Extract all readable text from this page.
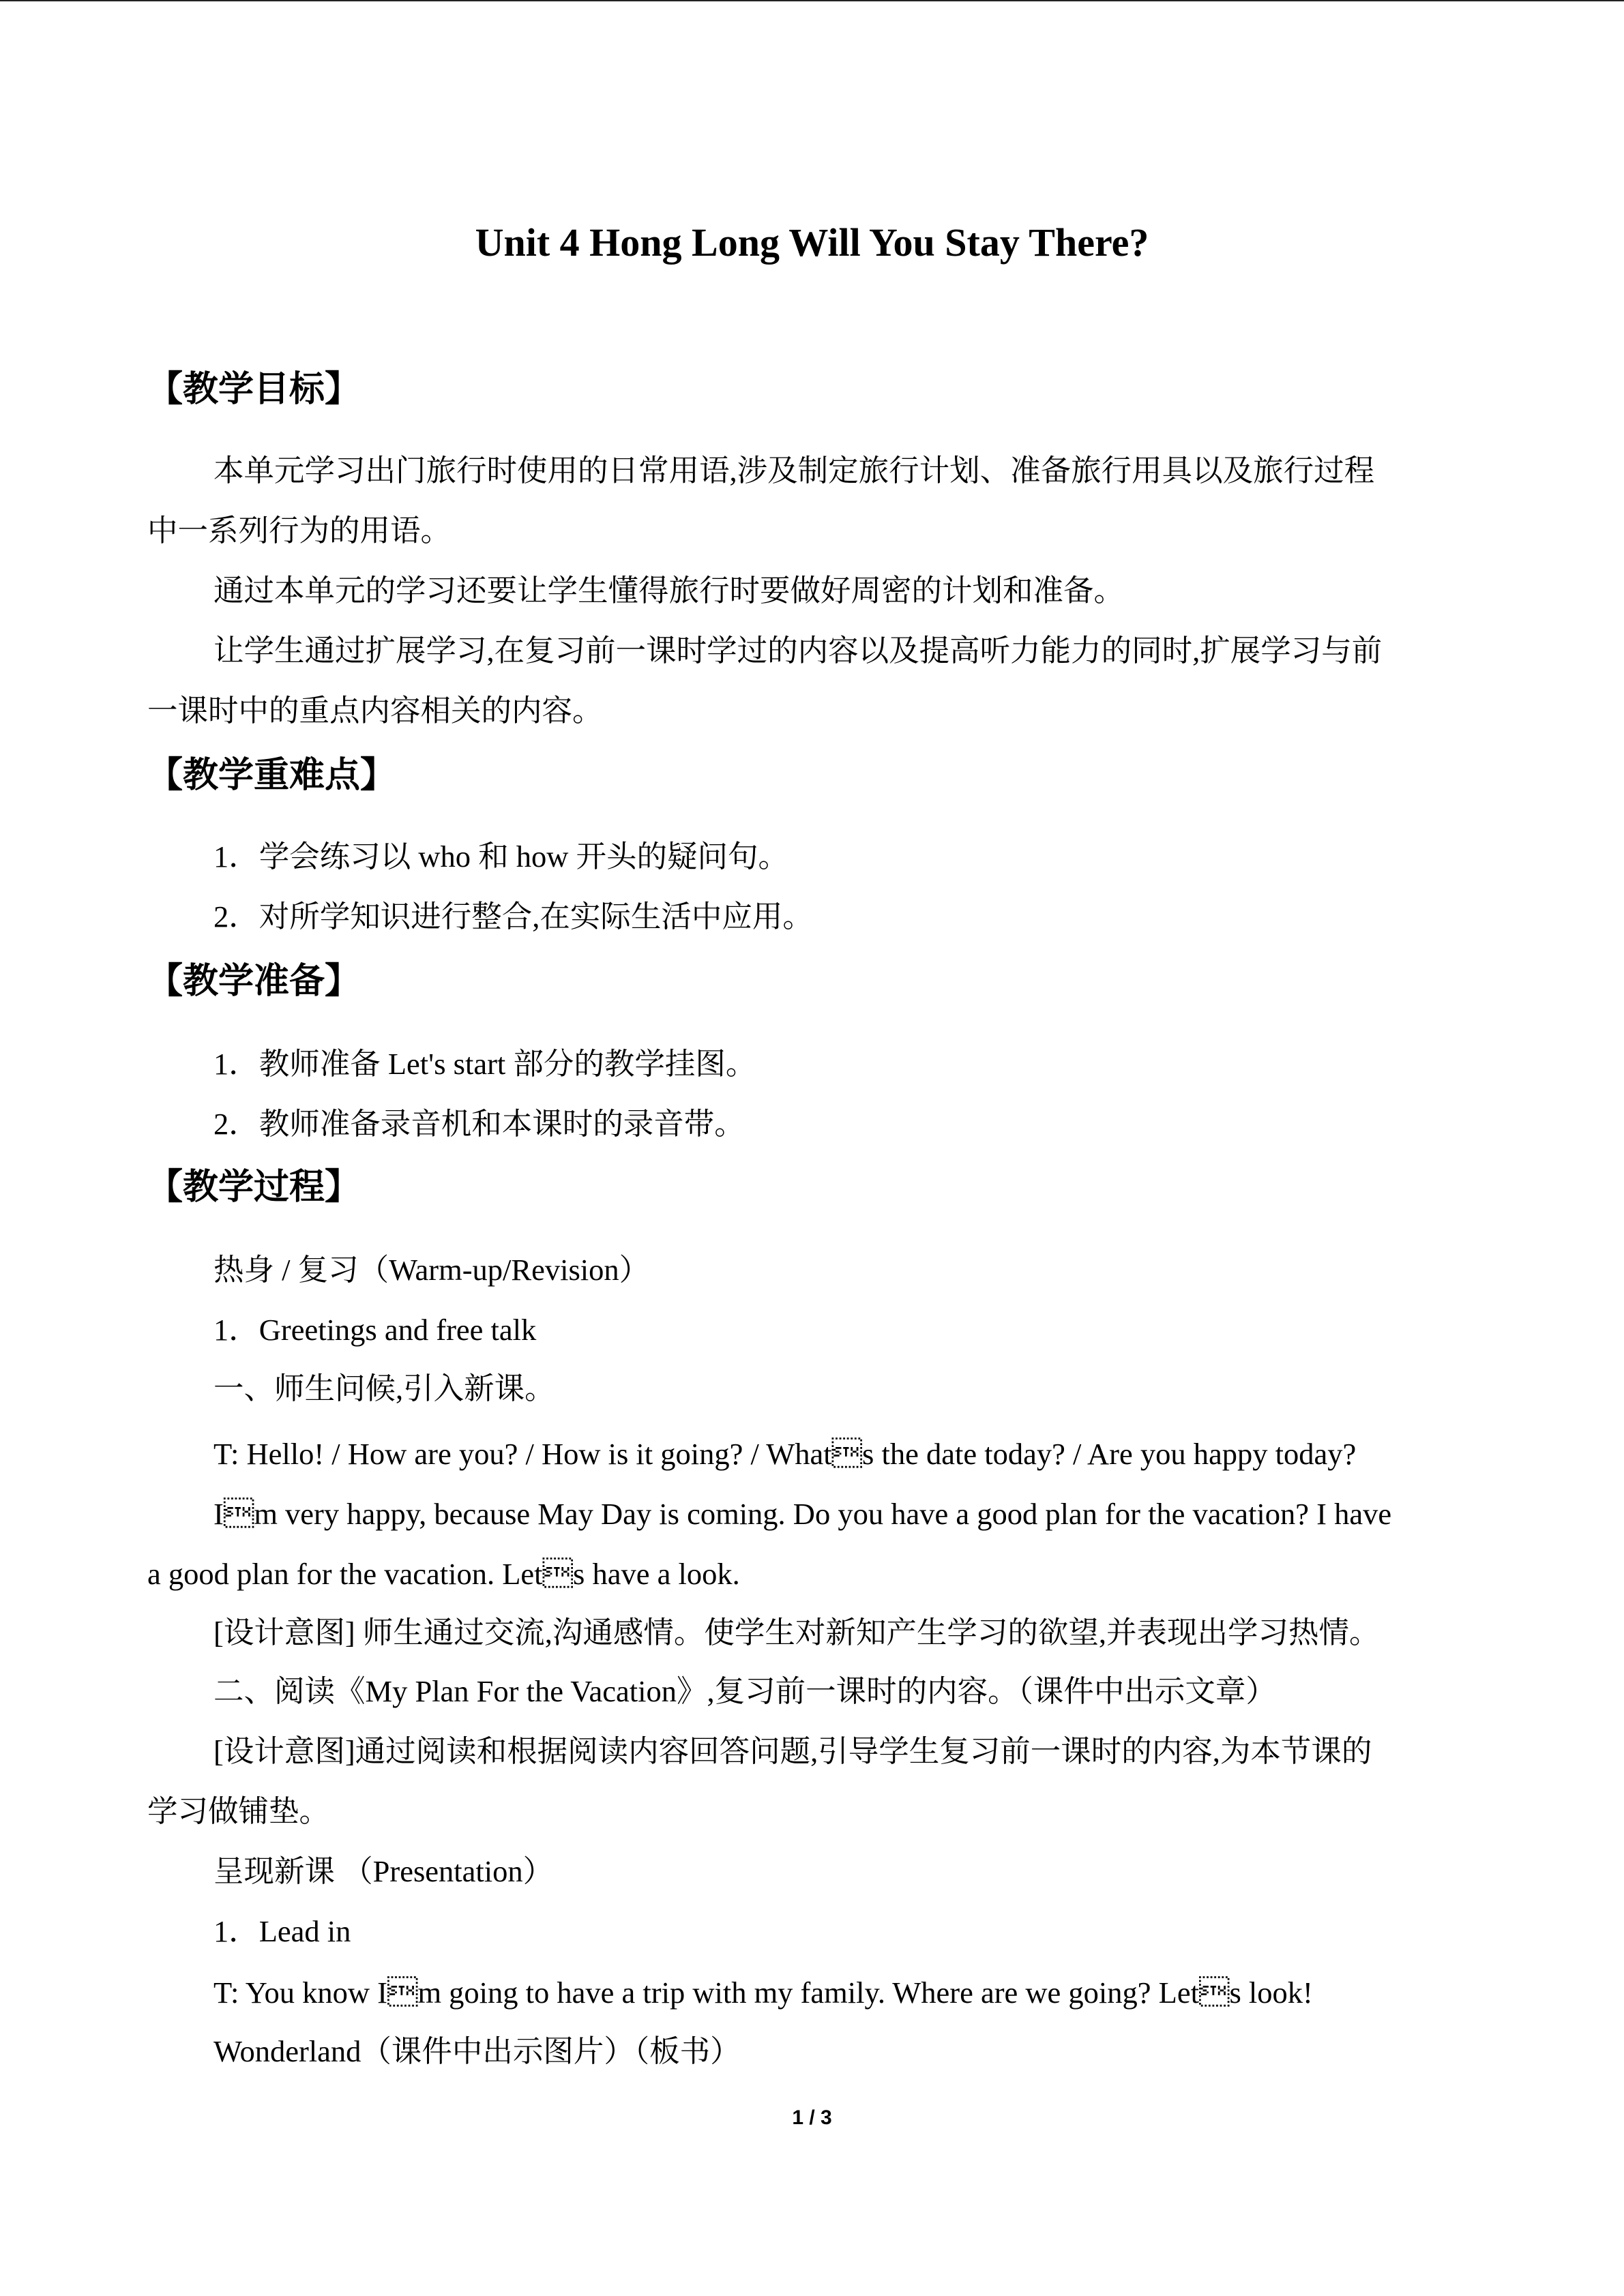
Unit 4 Hong Long Will You Stay There?
【教学目标】
本单元学习出门旅行时使用的日常用语,涉及制定旅行计划、准备旅行用具以及旅行过程
中一系列行为的用语。
通过本单元的学习还要让学生懂得旅行时要做好周密的计划和准备。
让学生通过扩展学习,在复习前一课时学过的内容以及提高听力能力的同时,扩展学习与前
一课时中的重点内容相关的内容。
【教学重难点】
1．学会练习以 who 和 how 开头的疑问句。
2．对所学知识进行整合,在实际生活中应用。
【教学准备】
1．教师准备 Let's start 部分的教学挂图。
2．教师准备录音机和本课时的录音带。
【教学过程】
热身 / 复习（Warm-up/Revision）
1．Greetings and free talk
一、师生问候,引入新课。
T: Hello! / How are you? / How is it going? / Whats the date today? / Are you happy today?
Im very happy, because May Day is coming. Do you have a good plan for the vacation? I have
a good plan for the vacation. Lets have a look.
[设计意图] 师生通过交流,沟通感情。使学生对新知产生学习的欲望,并表现出学习热情。
二、阅读《My Plan For the Vacation》,复习前一课时的内容。（课件中出示文章）
[设计意图]通过阅读和根据阅读内容回答问题,引导学生复习前一课时的内容,为本节课的
学习做铺垫。
呈现新课 （Presentation）
1．Lead in
T: You know Im going to have a trip with my family. Where are we going? Lets look!
Wonderland（课件中出示图片）（板书）
1 / 3
